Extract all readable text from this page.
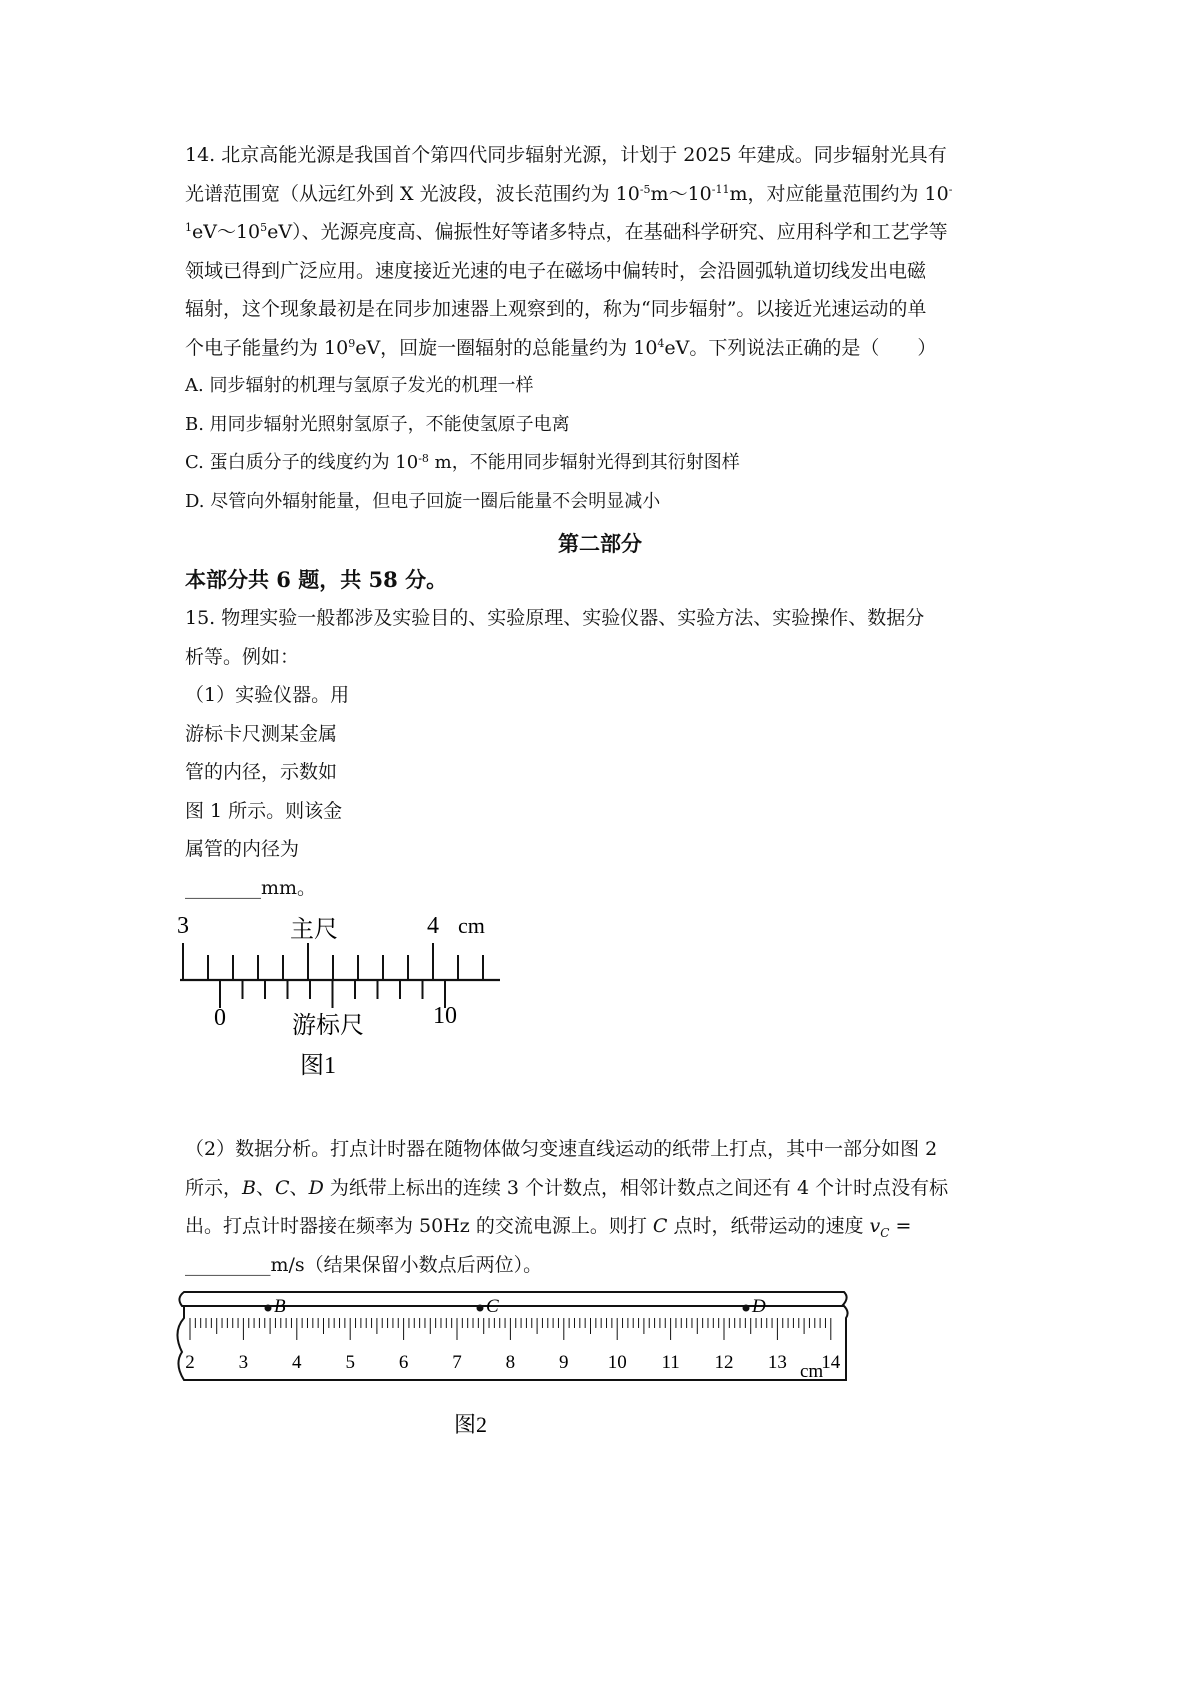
14. 北京高能光源是我国首个第四代同步辐射光源，计划于 2025 年建成。同步辐射光具有
光谱范围宽（从远红外到 X 光波段，波长范围约为 $10^{-5}m\sim 10^{-11}m$，对应能量范围约为 10-
$^1eV\sim 10^5eV$）、光源亮度高、偏振性好等诸多特点，在基础科学研究、应用科学和工艺学等
领域已得到广泛应用。速度接近光速的电子在磁场中偏转时，会沿圆弧轨道切线发出电磁
辐射，这个现象最初是在同步加速器上观察到的，称为“同步辐射”。以接近光速运动的单
个电子能量约为 $10^9eV$，回旋一圈辐射的总能量约为 $10^4eV$。下列说法正确的是（　　）
A. 同步辐射的机理与氢原子发光的机理一样
B. 用同步辐射光照射氢原子，不能使氢原子电离
C. 蛋白质分子的线度约为 $10^{-8}$ m，不能用同步辐射光得到其衍射图样
D. 尽管向外辐射能量，但电子回旋一圈后能量不会明显减小
第二部分
本部分共 6 题，共 58 分。
15. 物理实验一般都涉及实验目的、实验原理、实验仪器、实验方法、实验操作、数据分
析等。例如：
（1）实验仪器。用
游标卡尺测某金属
管的内径，示数如
图 1 所示。则该金
属管的内径为
________mm。
3	4 cm
主尺
0	10
游标尺
图1
（2）数据分析。打点计时器在随物体做匀变速直线运动的纸带上打点，其中一部分如图 2
所示，B、C、D 为纸带上标出的连续 3 个计数点，相邻计数点之间还有 4 个计时点没有标
出。打点计时器接在频率为 50Hz 的交流电源上。则打 C 点时，纸带运动的速度 $v_C$ =
_________m/s（结果保留小数点后两位）。
2 3 4 5 6 7 8 9 10 11 12 13 14
cm
B	C	D
图2
